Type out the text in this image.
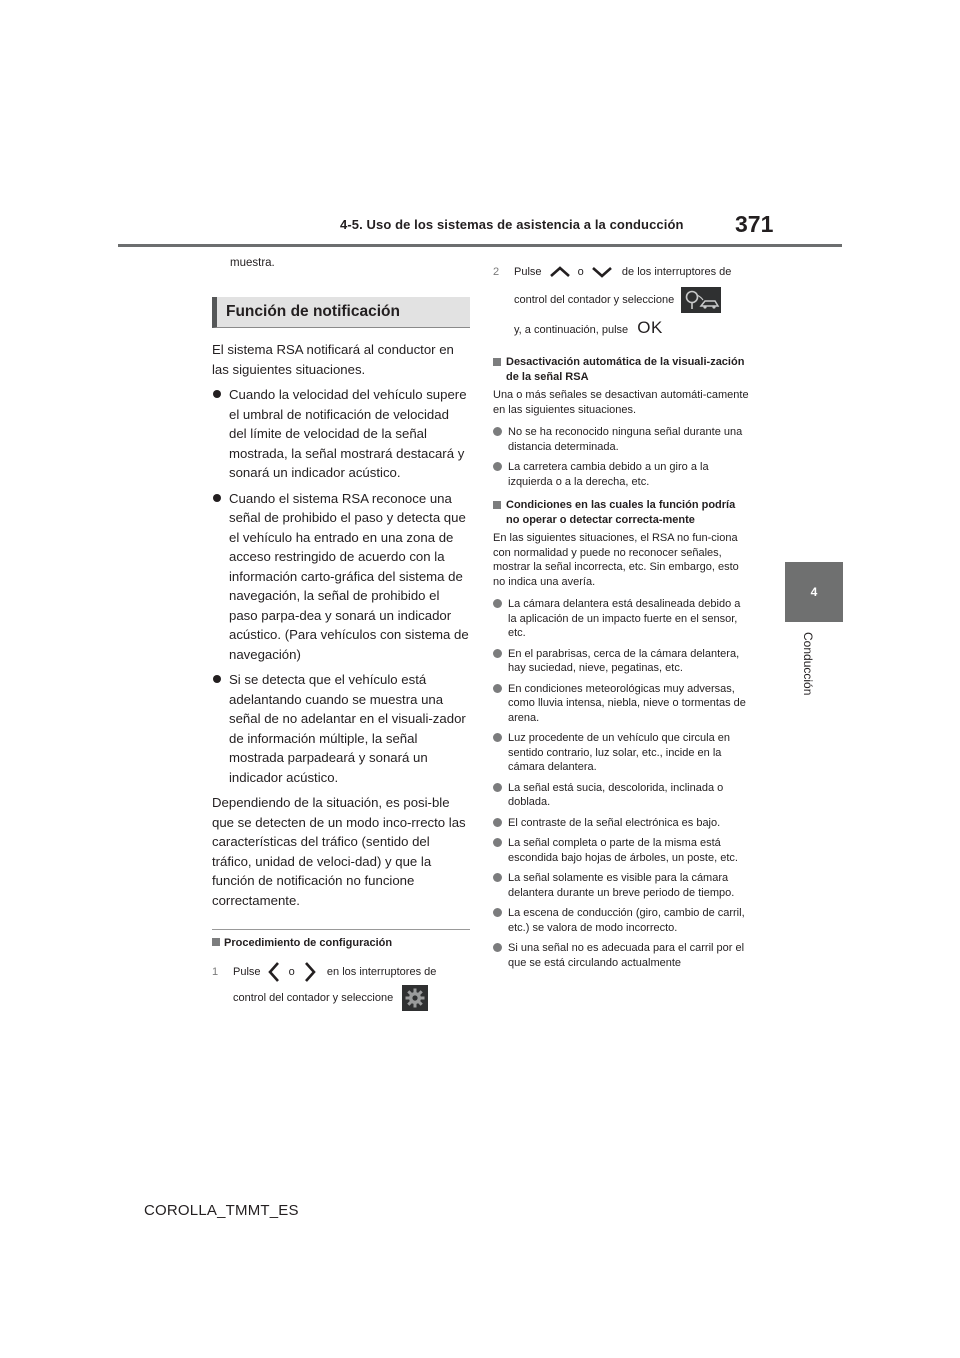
4-5. Uso de los sistemas de asistencia a la conducción 371
4
Conducción

muestra.

Función de notificación

El sistema RSA notificará al conductor en las siguientes situaciones.

Cuando la velocidad del vehículo supere el umbral de notificación de velocidad del límite de velocidad de la señal mostrada, la señal mostrará destacará y sonará un indicador acústico.
Cuando el sistema RSA reconoce una señal de prohibido el paso y detecta que el vehículo ha entrado en una zona de acceso restringido de acuerdo con la información carto-gráfica del sistema de navegación, la señal de prohibido el paso parpa-dea y sonará un indicador acústico. (Para vehículos con sistema de navegación)
Si se detecta que el vehículo está adelantando cuando se muestra una señal de no adelantar en el visuali-zador de información múltiple, la señal mostrada parpadeará y sonará un indicador acústico.

Dependiendo de la situación, es posi-ble que se detecten de un modo inco-rrecto las características del tráfico (sentido del tráfico, unidad de veloci-dad) y que la función de notificación no funcione correctamente.

Procedimiento de configuración
1 Pulse	o	en los interruptores de control del contador y seleccione
2 Pulse	o	de los interruptores de control del contador y seleccione

y, a continuación, pulse OK
Desactivación automática de la visuali-zación de la señal RSA
Una o más señales se desactivan automáti-camente en las siguientes situaciones.
No se ha reconocido ninguna señal durante una distancia determinada.
La carretera cambia debido a un giro a la izquierda o a la derecha, etc.
Condiciones en las cuales la función podría no operar o detectar correcta-mente
En las siguientes situaciones, el RSA no fun-ciona con normalidad y puede no reconocer señales, mostrar la señal incorrecta, etc. Sin embargo, esto no indica una avería.
La cámara delantera está desalineada debido a la aplicación de un impacto fuerte en el sensor, etc.
En el parabrisas, cerca de la cámara delantera, hay suciedad, nieve, pegatinas, etc.
En condiciones meteorológicas muy adversas, como lluvia intensa, niebla, nieve o tormentas de arena.
Luz procedente de un vehículo que circula en sentido contrario, luz solar, etc., incide en la cámara delantera.
La señal está sucia, descolorida, inclinada o doblada.
El contraste de la señal electrónica es bajo.
La señal completa o parte de la misma está escondida bajo hojas de árboles, un poste, etc.
La señal solamente es visible para la cámara delantera durante un breve periodo de tiempo.
La escena de conducción (giro, cambio de carril, etc.) se valora de modo incorrecto.
Si una señal no es adecuada para el carril por el que se está circulando actualmente
COROLLA_TMMT_ES
